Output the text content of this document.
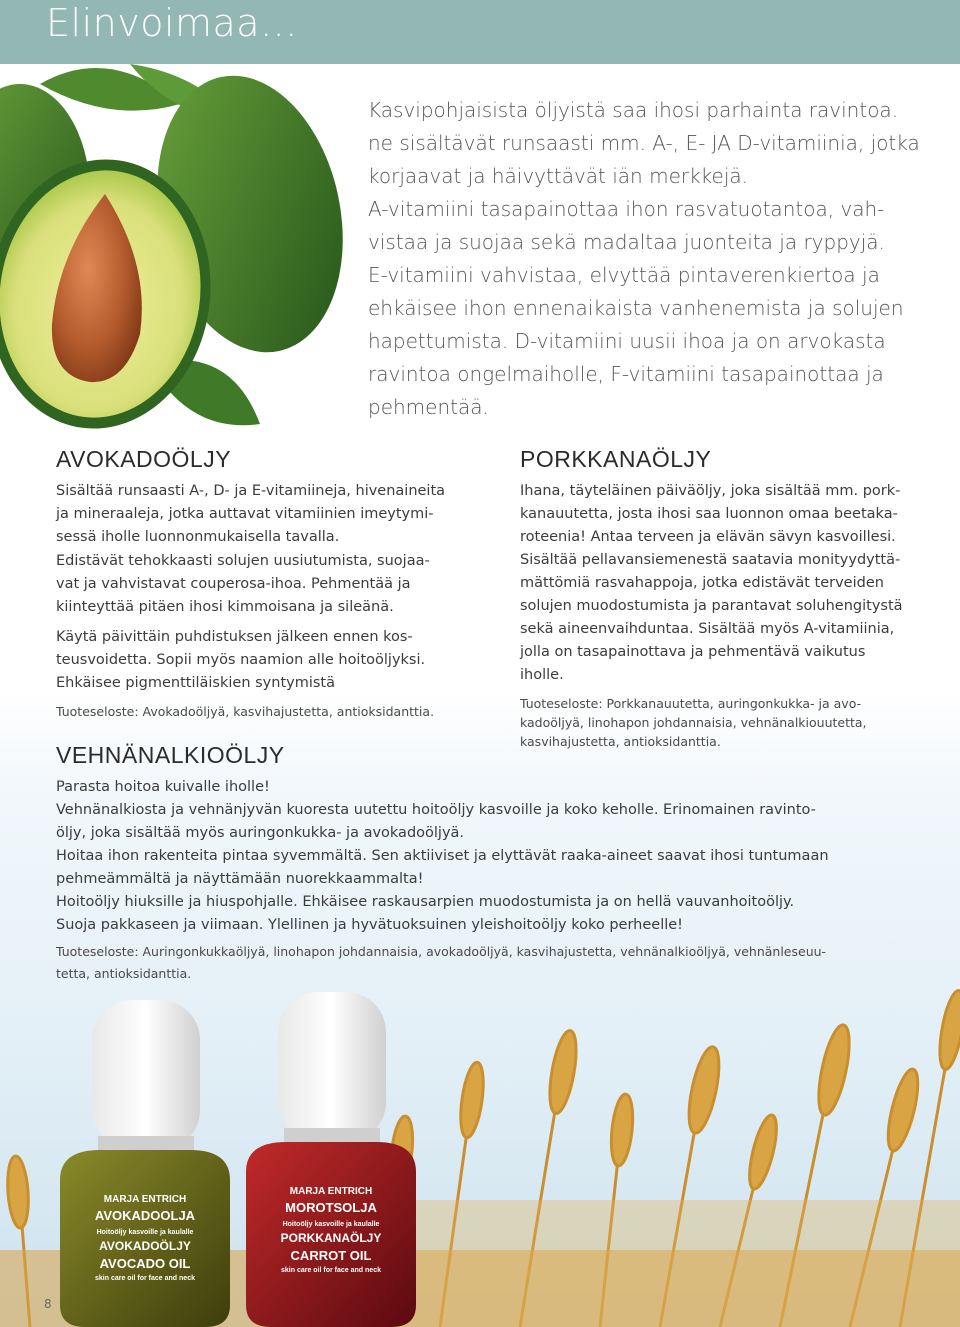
Elinvoimaa...

Kasvipohjaisista öljyistä saa ihosi parhainta ravintoa.

ne sisältävät runsaasti mm. A-, E- JA D-vitamiinia, jotka

korjaavat ja häivyttävät iän merkkejä.

A-vitamiini tasapainottaa ihon rasvatuotantoa, vah-

vistaa ja suojaa sekä madaltaa juonteita ja ryppyjä.

E-vitamiini vahvistaa, elvyttää pintaverenkiertoa ja

ehkäisee ihon ennenaikaista vanhenemista ja solujen

hapettumista. D-vitamiini uusii ihoa ja on arvokasta

ravintoa ongelmaiholle, F-vitamiini tasapainottaa ja

pehmentää.

AVOKADOÖLJY

Sisältää runsaasti A-, D- ja E-vitamiineja, hivenaineita
ja mineraaleja, jotka auttavat vitamiinien imeytymi-
sessä iholle luonnonmukaisella tavalla.

Edistävät tehokkaasti solujen uusiutumista, suojaa-
vat ja vahvistavat couperosa-ihoa. Pehmentää ja
kiinteyttää pitäen ihosi kimmoisana ja sileänä.

Käytä päivittäin puhdistuksen jälkeen ennen kos-
teusvoidetta. Sopii myös naamion alle hoitoöljyksi.
Ehkäisee pigmenttiläiskien syntymistä

Tuoteseloste: Avokadoöljyä, kasvihajustetta, antioksidanttia.

PORKKANAÖLJY

Ihana, täyteläinen päiväöljy, joka sisältää mm. pork-
kanauutetta, josta ihosi saa luonnon omaa beetaka-
roteenia! Antaa terveen ja elävän sävyn kasvoillesi.
Sisältää pellavansiemenestä saatavia monityydyttä-
mättömiä rasvahappoja, jotka edistävät terveiden
solujen muodostumista ja parantavat soluhengitystä
sekä aineenvaihduntaa. Sisältää myös A-vitamiinia,
jolla on tasapainottava ja pehmentävä vaikutus
iholle.

Tuoteseloste: Porkkanauutetta, auringonkukka- ja avo-
kadoöljyä, linohapon johdannaisia, vehnänalkiouutetta,
kasvihajustetta, antioksidanttia.

MARJA ENTRICH
AVOKADOOLJA
Hoitoöljy kasvoille ja kaulalle
AVOKADOÖLJY
AVOCADO OIL
skin care oil for face and neck
MARJA ENTRICH
MOROTSOLJA
Hoitoöljy kasvoille ja kaulalle
PORKKANAÖLJY
CARROT OIL
skin care oil for face and neck
VEHNÄNALKIOÖLJY

Parasta hoitoa kuivalle iholle!

Vehnänalkiosta ja vehnänjyvän kuoresta uutettu hoitoöljy kasvoille ja koko keholle. Erinomainen ravinto-
öljy, joka sisältää myös auringonkukka- ja avokadoöljyä.
Hoitaa ihon rakenteita pintaa syvemmältä. Sen aktiiviset ja elyttävät raaka-aineet saavat ihosi tuntumaan
pehmeämmältä ja näyttämään nuorekkaammalta!
Hoitoöljy hiuksille ja hiuspohjalle. Ehkäisee raskausarpien muodostumista ja on hellä vauvanhoitoöljy.
Suoja pakkaseen ja viimaan. Ylellinen ja hyvätuoksuinen yleishoitoöljy koko perheelle!

Tuoteseloste: Auringonkukkaöljyä, linohapon johdannaisia, avokadoöljyä, kasvihajustetta, vehnänalkioöljyä, vehnänleseuu-
tetta, antioksidanttia.

8
